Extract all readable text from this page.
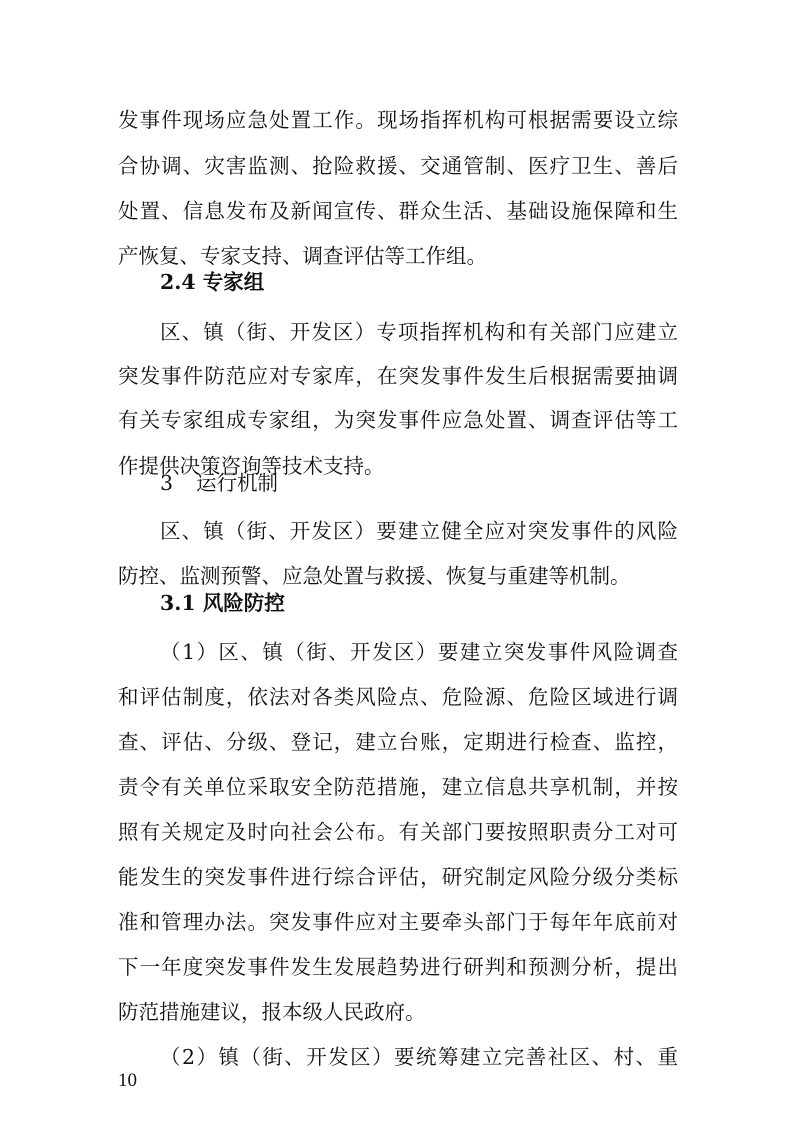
发事件现场应急处置工作。现场指挥机构可根据需要设立综
合协调、灾害监测、抢险救援、交通管制、医疗卫生、善后
处置、信息发布及新闻宣传、群众生活、基础设施保障和生
产恢复、专家支持、调查评估等工作组。
2.4 专家组
区、镇（街、开发区）专项指挥机构和有关部门应建立
突发事件防范应对专家库，在突发事件发生后根据需要抽调
有关专家组成专家组，为突发事件应急处置、调查评估等工
作提供决策咨询等技术支持。
3 运行机制
区、镇（街、开发区）要建立健全应对突发事件的风险
防控、监测预警、应急处置与救援、恢复与重建等机制。
3.1 风险防控
（1）区、镇（街、开发区）要建立突发事件风险调查
和评估制度，依法对各类风险点、危险源、危险区域进行调
查、评估、分级、登记，建立台账，定期进行检查、监控，
责令有关单位采取安全防范措施，建立信息共享机制，并按
照有关规定及时向社会公布。有关部门要按照职责分工对可
能发生的突发事件进行综合评估，研究制定风险分级分类标
准和管理办法。突发事件应对主要牵头部门于每年年底前对
下一年度突发事件发生发展趋势进行研判和预测分析，提出
防范措施建议，报本级人民政府。
（2）镇（街、开发区）要统筹建立完善社区、村、重
10
